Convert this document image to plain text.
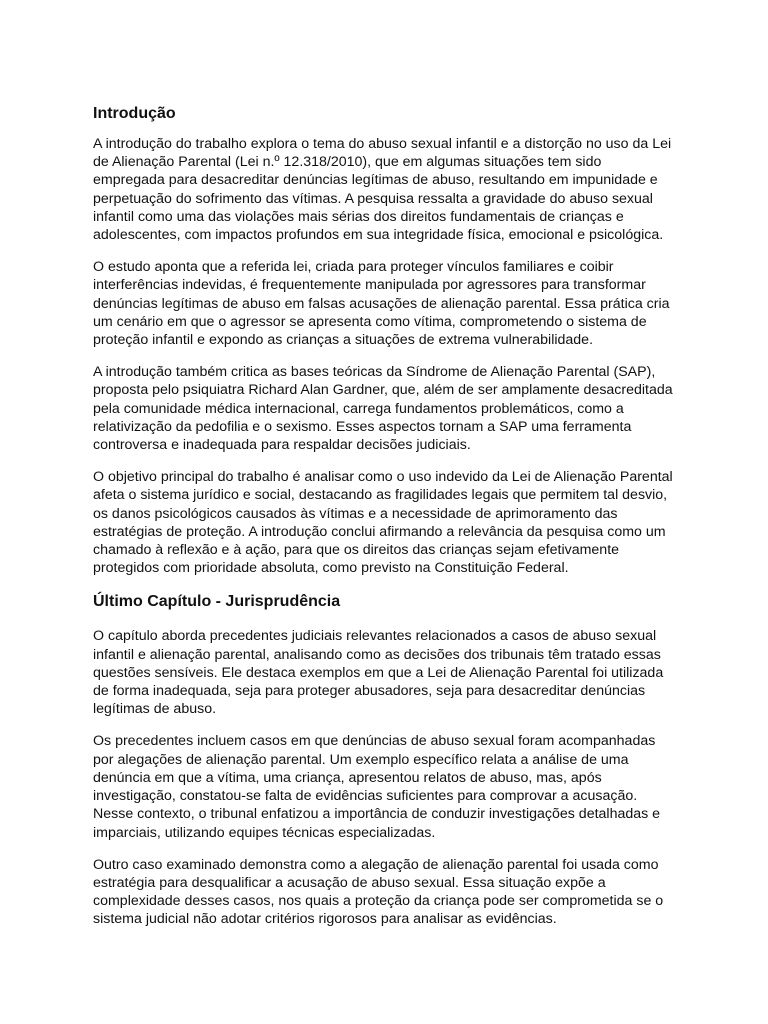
Introdução

A introdução do trabalho explora o tema do abuso sexual infantil e a distorção no uso da Lei de Alienação Parental (Lei n.º 12.318/2010), que em algumas situações tem sido empregada para desacreditar denúncias legítimas de abuso, resultando em impunidade e perpetuação do sofrimento das vítimas. A pesquisa ressalta a gravidade do abuso sexual infantil como uma das violações mais sérias dos direitos fundamentais de crianças e adolescentes, com impactos profundos em sua integridade física, emocional e psicológica.

O estudo aponta que a referida lei, criada para proteger vínculos familiares e coibir interferências indevidas, é frequentemente manipulada por agressores para transformar denúncias legítimas de abuso em falsas acusações de alienação parental. Essa prática cria um cenário em que o agressor se apresenta como vítima, comprometendo o sistema de proteção infantil e expondo as crianças a situações de extrema vulnerabilidade.

A introdução também critica as bases teóricas da Síndrome de Alienação Parental (SAP), proposta pelo psiquiatra Richard Alan Gardner, que, além de ser amplamente desacreditada pela comunidade médica internacional, carrega fundamentos problemáticos, como a relativização da pedofilia e o sexismo. Esses aspectos tornam a SAP uma ferramenta controversa e inadequada para respaldar decisões judiciais.

O objetivo principal do trabalho é analisar como o uso indevido da Lei de Alienação Parental afeta o sistema jurídico e social, destacando as fragilidades legais que permitem tal desvio, os danos psicológicos causados às vítimas e a necessidade de aprimoramento das estratégias de proteção. A introdução conclui afirmando a relevância da pesquisa como um chamado à reflexão e à ação, para que os direitos das crianças sejam efetivamente protegidos com prioridade absoluta, como previsto na Constituição Federal.

Último Capítulo - Jurisprudência

O capítulo aborda precedentes judiciais relevantes relacionados a casos de abuso sexual infantil e alienação parental, analisando como as decisões dos tribunais têm tratado essas questões sensíveis. Ele destaca exemplos em que a Lei de Alienação Parental foi utilizada de forma inadequada, seja para proteger abusadores, seja para desacreditar denúncias legítimas de abuso.

Os precedentes incluem casos em que denúncias de abuso sexual foram acompanhadas por alegações de alienação parental. Um exemplo específico relata a análise de uma denúncia em que a vítima, uma criança, apresentou relatos de abuso, mas, após investigação, constatou-se falta de evidências suficientes para comprovar a acusação. Nesse contexto, o tribunal enfatizou a importância de conduzir investigações detalhadas e imparciais, utilizando equipes técnicas especializadas.

Outro caso examinado demonstra como a alegação de alienação parental foi usada como estratégia para desqualificar a acusação de abuso sexual. Essa situação expõe a complexidade desses casos, nos quais a proteção da criança pode ser comprometida se o sistema judicial não adotar critérios rigorosos para analisar as evidências.
